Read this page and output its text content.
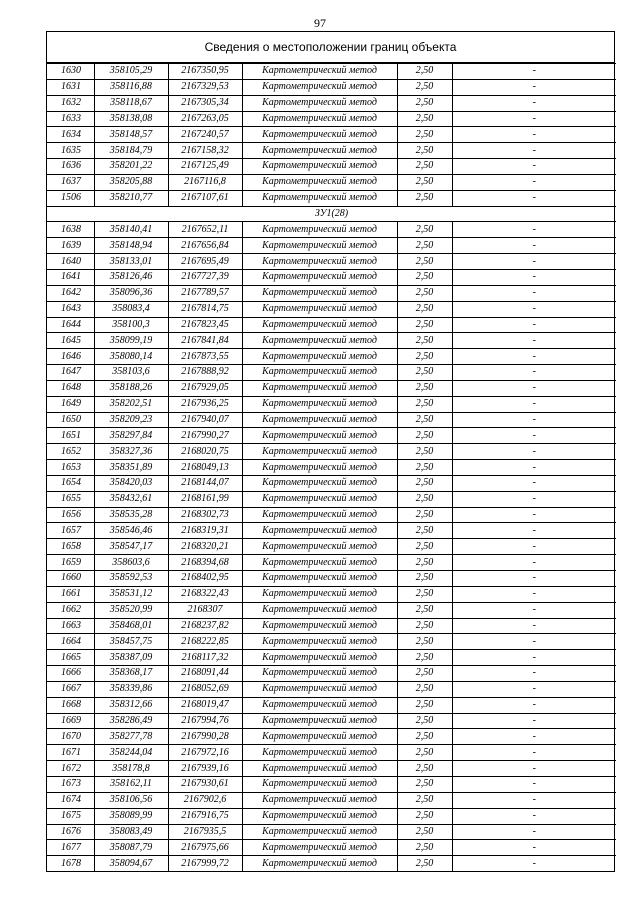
97
Сведения о местоположении границ объекта
1630	358105,29	2167350,95	Картометрический метод	2,50	-
1631	358116,88	2167329,53	Картометрический метод	2,50	-
1632	358118,67	2167305,34	Картометрический метод	2,50	-
1633	358138,08	2167263,05	Картометрический метод	2,50	-
1634	358148,57	2167240,57	Картометрический метод	2,50	-
1635	358184,79	2167158,32	Картометрический метод	2,50	-
1636	358201,22	2167125,49	Картометрический метод	2,50	-
1637	358205,88	2167116,8	Картометрический метод	2,50	-
1506	358210,77	2167107,61	Картометрический метод	2,50	-
ЗУ1(28)					
1638	358140,41	2167652,11	Картометрический метод	2,50	-
1639	358148,94	2167656,84	Картометрический метод	2,50	-
1640	358133,01	2167695,49	Картометрический метод	2,50	-
1641	358126,46	2167727,39	Картометрический метод	2,50	-
1642	358096,36	2167789,57	Картометрический метод	2,50	-
1643	358083,4	2167814,75	Картометрический метод	2,50	-
1644	358100,3	2167823,45	Картометрический метод	2,50	-
1645	358099,19	2167841,84	Картометрический метод	2,50	-
1646	358080,14	2167873,55	Картометрический метод	2,50	-
1647	358103,6	2167888,92	Картометрический метод	2,50	-
1648	358188,26	2167929,05	Картометрический метод	2,50	-
1649	358202,51	2167936,25	Картометрический метод	2,50	-
1650	358209,23	2167940,07	Картометрический метод	2,50	-
1651	358297,84	2167990,27	Картометрический метод	2,50	-
1652	358327,36	2168020,75	Картометрический метод	2,50	-
1653	358351,89	2168049,13	Картометрический метод	2,50	-
1654	358420,03	2168144,07	Картометрический метод	2,50	-
1655	358432,61	2168161,99	Картометрический метод	2,50	-
1656	358535,28	2168302,73	Картометрический метод	2,50	-
1657	358546,46	2168319,31	Картометрический метод	2,50	-
1658	358547,17	2168320,21	Картометрический метод	2,50	-
1659	358603,6	2168394,68	Картометрический метод	2,50	-
1660	358592,53	2168402,95	Картометрический метод	2,50	-
1661	358531,12	2168322,43	Картометрический метод	2,50	-
1662	358520,99	2168307	Картометрический метод	2,50	-
1663	358468,01	2168237,82	Картометрический метод	2,50	-
1664	358457,75	2168222,85	Картометрический метод	2,50	-
1665	358387,09	2168117,32	Картометрический метод	2,50	-
1666	358368,17	2168091,44	Картометрический метод	2,50	-
1667	358339,86	2168052,69	Картометрический метод	2,50	-
1668	358312,66	2168019,47	Картометрический метод	2,50	-
1669	358286,49	2167994,76	Картометрический метод	2,50	-
1670	358277,78	2167990,28	Картометрический метод	2,50	-
1671	358244,04	2167972,16	Картометрический метод	2,50	-
1672	358178,8	2167939,16	Картометрический метод	2,50	-
1673	358162,11	2167930,61	Картометрический метод	2,50	-
1674	358106,56	2167902,6	Картометрический метод	2,50	-
1675	358089,99	2167916,75	Картометрический метод	2,50	-
1676	358083,49	2167935,5	Картометрический метод	2,50	-
1677	358087,79	2167975,66	Картометрический метод	2,50	-
1678	358094,67	2167999,72	Картометрический метод	2,50	-
